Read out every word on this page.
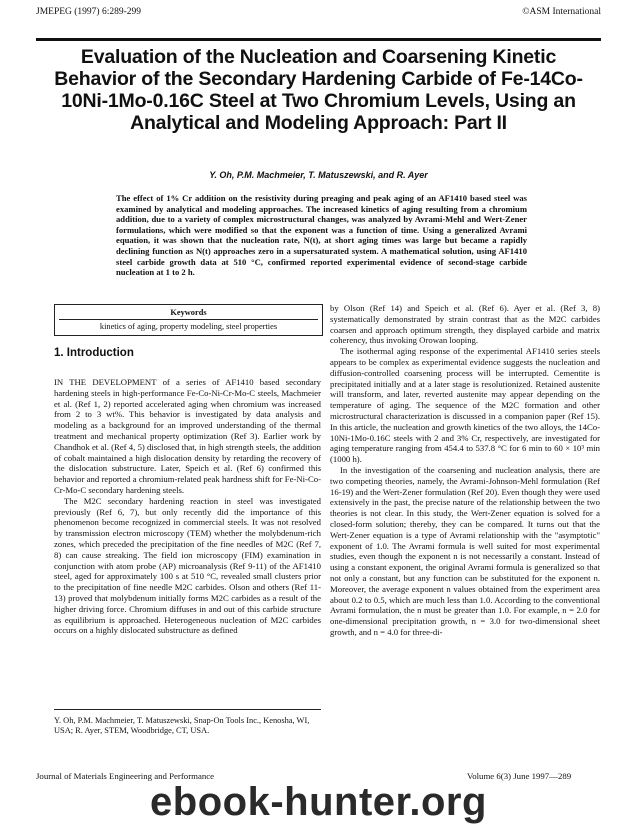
JMEPEG (1997) 6:289-299	©ASM International
Evaluation of the Nucleation and Coarsening Kinetic Behavior of the Secondary Hardening Carbide of Fe-14Co-10Ni-1Mo-0.16C Steel at Two Chromium Levels, Using an Analytical and Modeling Approach: Part II
Y. Oh, P.M. Machmeier, T. Matuszewski, and R. Ayer
The effect of 1% Cr addition on the resistivity during preaging and peak aging of an AF1410 based steel was examined by analytical and modeling approaches. The increased kinetics of aging resulting from a chromium addition, due to a variety of complex microstructural changes, was analyzed by Avrami-Mehl and Wert-Zener formulations, which were modified so that the exponent was a function of time. Using a generalized Avrami equation, it was shown that the nucleation rate, N(t), at short aging times was large but became a rapidly declining function as N(t) approaches zero in a supersaturated system. A mathematical solution, using AF1410 steel carbide growth data at 510 °C, confirmed reported experimental evidence of second-stage carbide nucleation at 1 to 2 h.
Keywords
kinetics of aging, property modeling, steel properties
1. Introduction

IN THE DEVELOPMENT of a series of AF1410 based secondary hardening steels in high-performance Fe-Co-Ni-Cr-Mo-C steels, Machmeier et al. (Ref 1, 2) reported accelerated aging when chromium was increased from 2 to 3 wt%. This behavior is investigated by data analysis and modeling as a background for an improved understanding of the thermal treatment and mechanical property optimization (Ref 3). Earlier work by Chandhok et al. (Ref 4, 5) disclosed that, in high strength steels, the addition of cobalt maintained a high dislocation density by retarding the recovery of the dislocation substructure. Later, Speich et al. (Ref 6) confirmed this behavior and reported a chromium-related peak hardness shift for Fe-Ni-Co-Cr-Mo-C secondary hardening steels.

The M2C secondary hardening reaction in steel was investigated previously (Ref 6, 7), but only recently did the importance of this phenomenon become recognized in commercial steels. It was not resolved by transmission electron microscopy (TEM) whether the molybdenum-rich zones, which preceded the precipitation of the fine needles of M2C (Ref 7, 8) can cause streaking. The field ion microscopy (FIM) examination in conjunction with atom probe (AP) microanalysis (Ref 9-11) of the AF1410 steel, aged for approximately 100 s at 510 °C, revealed small clusters prior to the precipitation of fine needle M2C carbides. Olson and others (Ref 11-13) proved that molybdenum initially forms M2C carbides as a result of the higher driving force. Chromium diffuses in and out of this carbide structure as equilibrium is approached. Heterogeneous nucleation of M2C carbides occurs on a highly dislocated substructure as defined

by Olson (Ref 14) and Speich et al. (Ref 6). Ayer et al. (Ref 3, 8) systematically demonstrated by strain contrast that as the M2C carbides coarsen and approach optimum strength, they displayed carbide and matrix coherency, thus invoking Orowan looping.

The isothermal aging response of the experimental AF1410 series steels appears to be complex as experimental evidence suggests the nucleation and diffusion-controlled coarsening process will be interrupted. Cementite is precipitated initially and at a later stage is resolutionized. Retained austenite will transform, and later, reverted austenite may appear depending on the temperature of aging. The sequence of the M2C formation and other microstructural characterization is discussed in a companion paper (Ref 15). In this article, the nucleation and growth kinetics of the two alloys, the 14Co-10Ni-1Mo-0.16C steels with 2 and 3% Cr, respectively, are investigated for aging temperature ranging from 454.4 to 537.8 °C for 6 min to 60 × 10³ min (1000 h).

In the investigation of the coarsening and nucleation analysis, there are two competing theories, namely, the Avrami-Johnson-Mehl formulation (Ref 16-19) and the Wert-Zener formulation (Ref 20). Even though they were used extensively in the past, the precise nature of the relationship between the two theories is not clear. In this study, the Wert-Zener equation is solved for a closed-form solution; thereby, they can be compared. It turns out that the Wert-Zener equation is a type of Avrami relationship with the "asymptotic" exponent of 1.0. The Avrami formula is well suited for most experimental studies, even though the exponent n is not necessarily a constant. Instead of using a constant exponent, the original Avrami formula is generalized so that not only a constant, but any function can be substituted for the exponent n. Moreover, the average exponent n values obtained from the experiment area about 0.2 to 0.5, which are much less than 1.0. According to the conventional Avrami formulation, the n must be greater than 1.0. For example, n = 2.0 for one-dimensional precipitation growth, n = 3.0 for two-dimensional sheet growth, and n = 4.0 for three-di-

Y. Oh, P.M. Machmeier, T. Matuszewski, Snap-On Tools Inc., Kenosha, WI, USA; R. Ayer, STEM, Woodbridge, CT, USA.
Journal of Materials Engineering and Performance	Volume 6(3) June 1997—289
ebook-hunter.org
